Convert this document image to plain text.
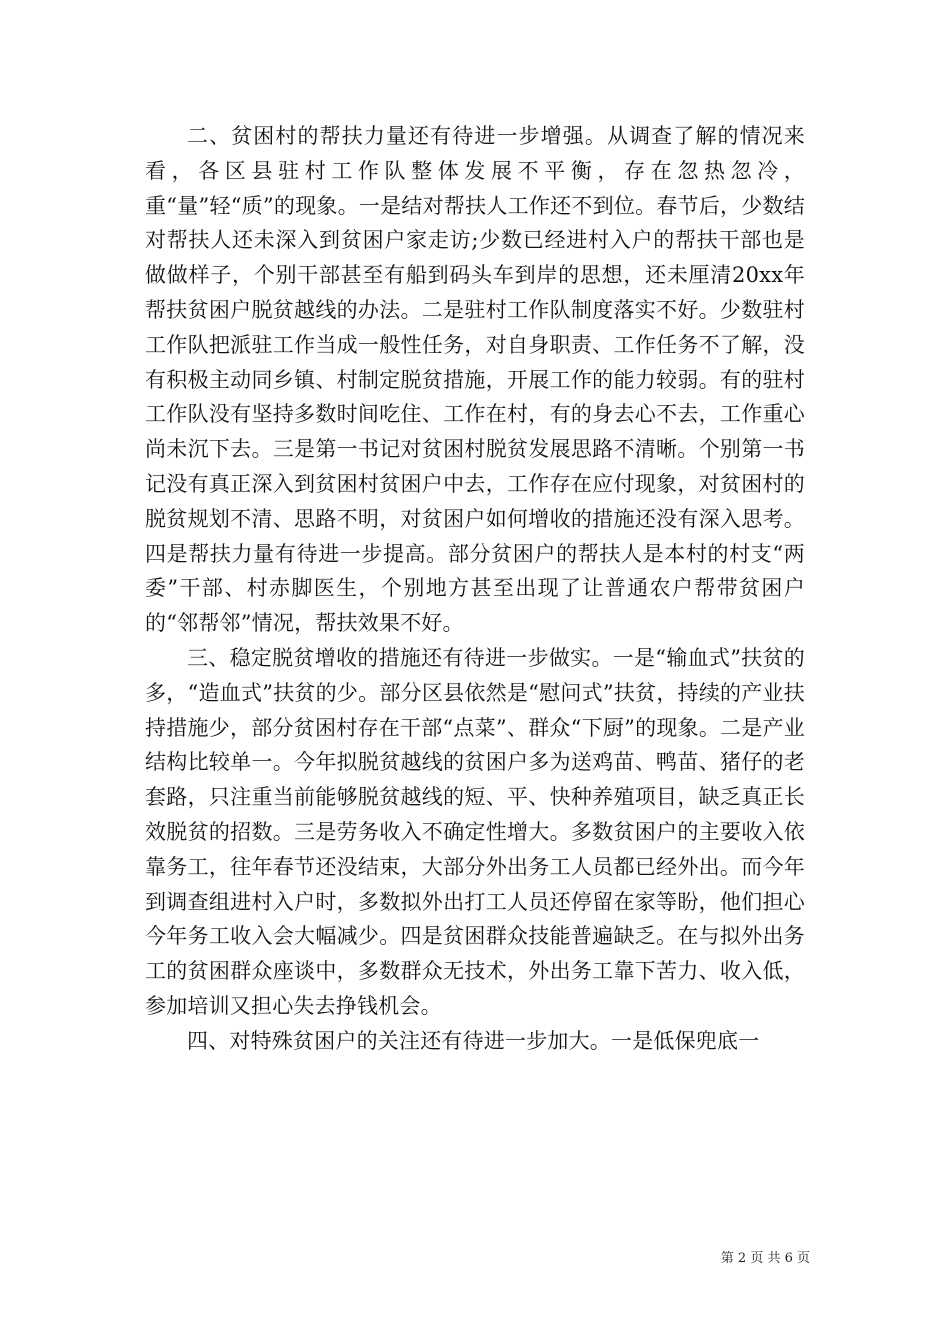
二、贫困村的帮扶力量还有待进一步增强。从调查了解的情况来看，各区县驻村工作队整体发展不平衡，存在忽热忽冷，重“量”轻“质”的现象。一是结对帮扶人工作还不到位。春节后，少数结对帮扶人还未深入到贫困户家走访;少数已经进村入户的帮扶干部也是做做样子，个别干部甚至有船到码头车到岸的思想，还未厘清20xx年帮扶贫困户脱贫越线的办法。二是驻村工作队制度落实不好。少数驻村工作队把派驻工作当成一般性任务，对自身职责、工作任务不了解，没有积极主动同乡镇、村制定脱贫措施，开展工作的能力较弱。有的驻村工作队没有坚持多数时间吃住、工作在村，有的身去心不去，工作重心尚未沉下去。三是第一书记对贫困村脱贫发展思路不清晰。个别第一书记没有真正深入到贫困村贫困户中去，工作存在应付现象，对贫困村的脱贫规划不清、思路不明，对贫困户如何增收的措施还没有深入思考。四是帮扶力量有待进一步提高。部分贫困户的帮扶人是本村的村支“两委”干部、村赤脚医生，个别地方甚至出现了让普通农户帮带贫困户的“邻帮邻”情况，帮扶效果不好。

三、稳定脱贫增收的措施还有待进一步做实。一是“输血式”扶贫的多，“造血式”扶贫的少。部分区县依然是“慰问式”扶贫，持续的产业扶持措施少，部分贫困村存在干部“点菜”、群众“下厨”的现象。二是产业结构比较单一。今年拟脱贫越线的贫困户多为送鸡苗、鸭苗、猪仔的老套路，只注重当前能够脱贫越线的短、平、快种养殖项目，缺乏真正长效脱贫的招数。三是劳务收入不确定性增大。多数贫困户的主要收入依靠务工，往年春节还没结束，大部分外出务工人员都已经外出。而今年到调查组进村入户时，多数拟外出打工人员还停留在家等盼，他们担心今年务工收入会大幅减少。四是贫困群众技能普遍缺乏。在与拟外出务工的贫困群众座谈中，多数群众无技术，外出务工靠下苦力、收入低，参加培训又担心失去挣钱机会。

四、对特殊贫困户的关注还有待进一步加大。一是低保兜底一

第 2 页 共 6 页
